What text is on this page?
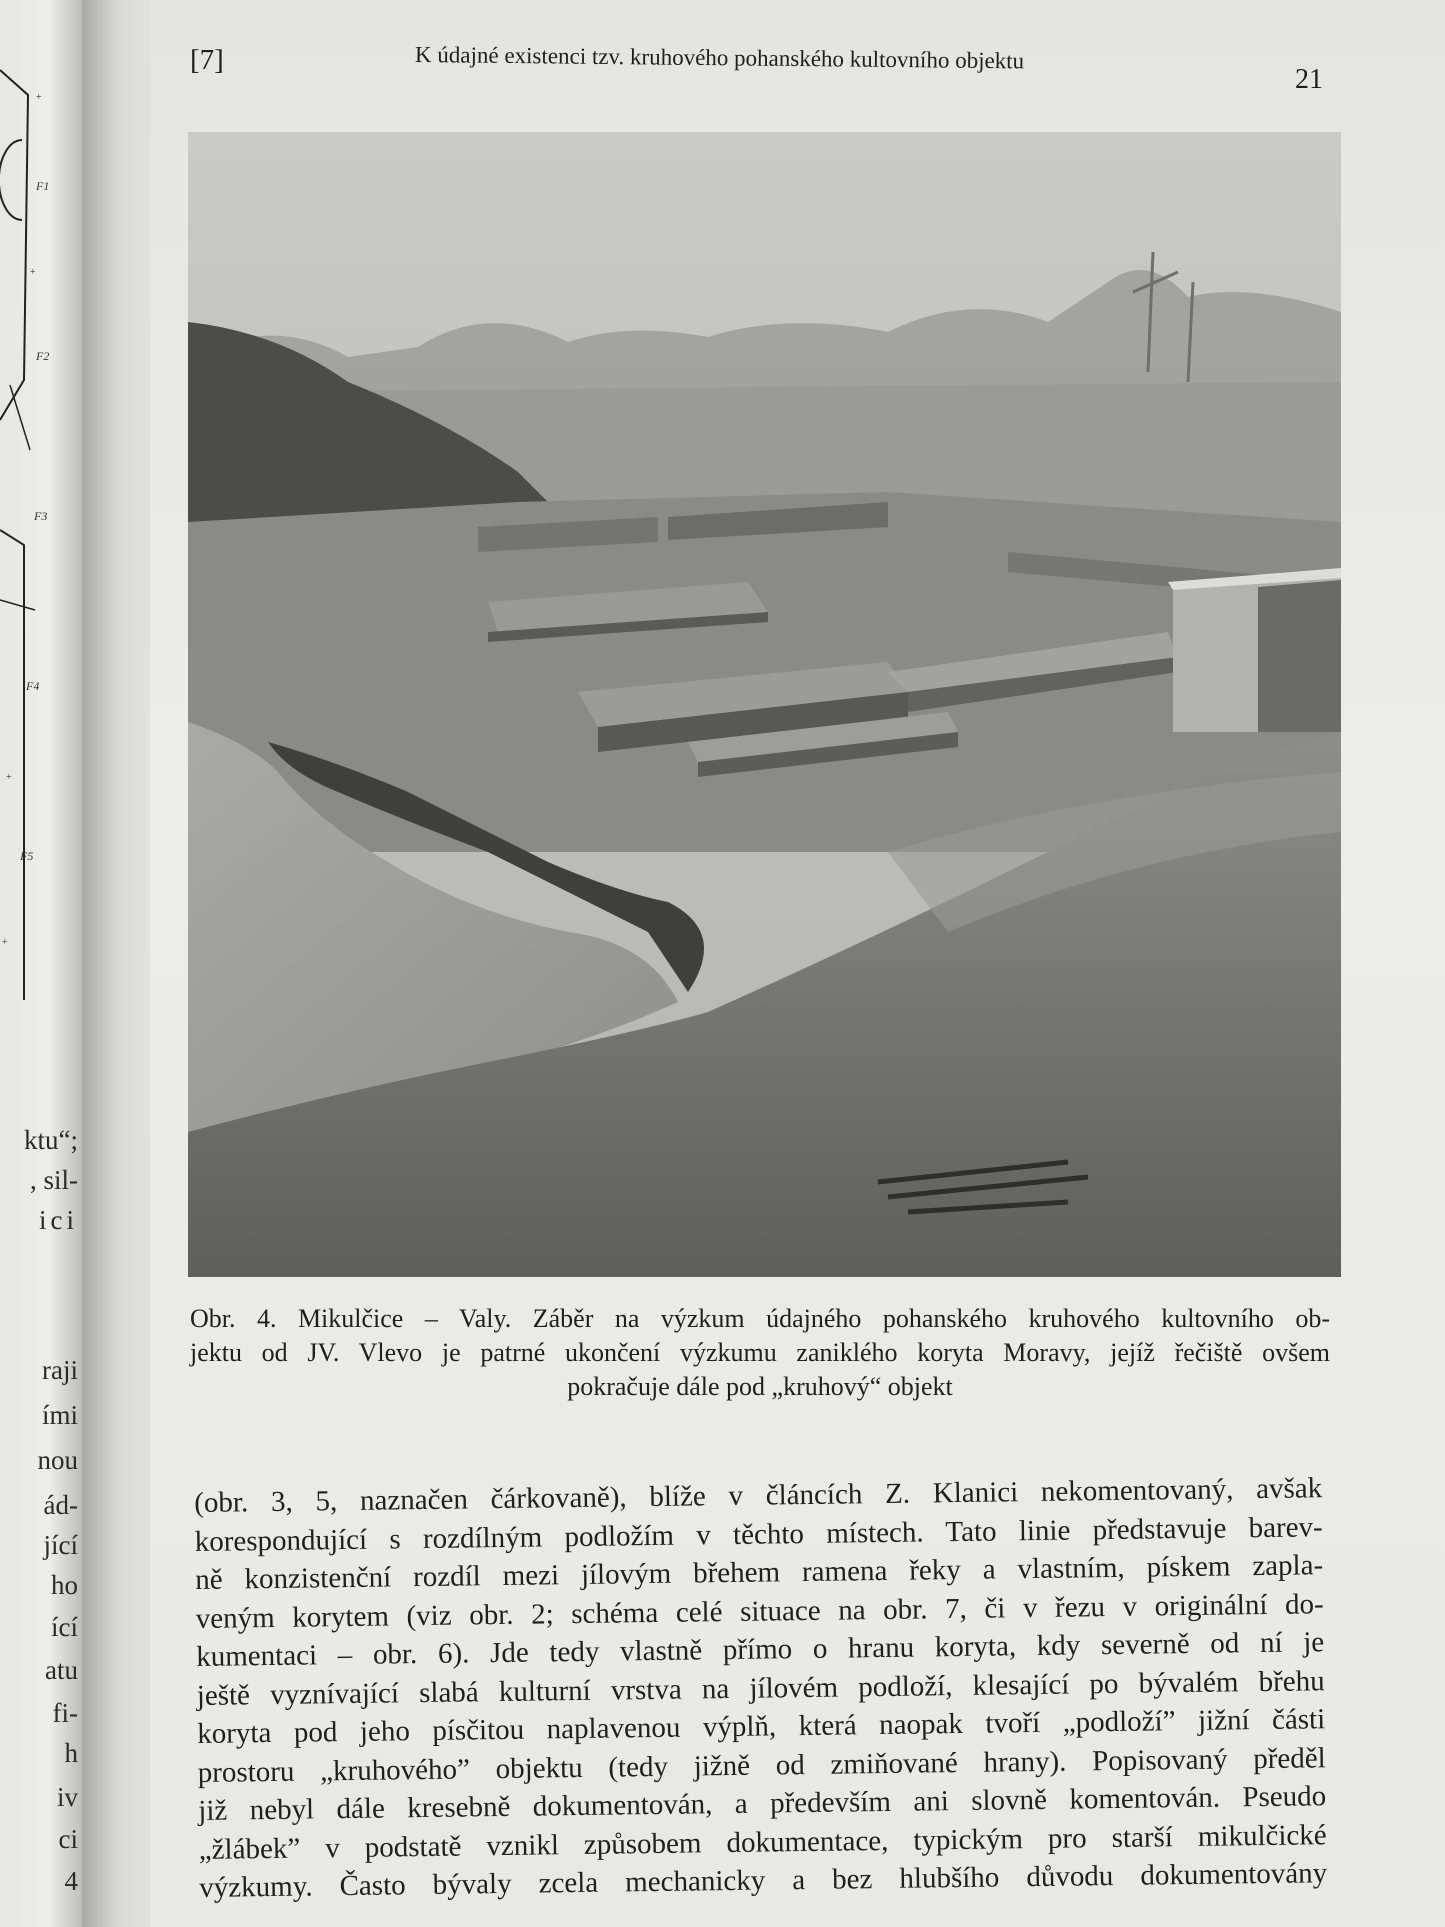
F1
F2
F3
F4
F5
+
+
+
+
ktu“;
, sil-
ici
raji
ími
nou
ád-
jící
ho
ící
atu
fi-
h
iv
ci
4
[7]	K údajné existenci tzv. kruhového pohanského kultovního objektu
21
Obr. 4. Mikulčice – Valy. Záběr na výzkum údajného pohanského kruhového kultovního ob-
jektu od JV. Vlevo je patrné ukončení výzkumu zaniklého koryta Moravy, jejíž řečiště ovšem
pokračuje dále pod „kruhový“ objekt
(obr. 3, 5, naznačen čárkovaně), blíže v článcích Z. Klanici nekomentovaný, avšak
korespondující s rozdílným podložím v těchto místech. Tato linie představuje barev-
ně konzistenční rozdíl mezi jílovým břehem ramena řeky a vlastním, pískem zapla-
veným korytem (viz obr. 2; schéma celé situace na obr. 7, či v řezu v originální do-
kumentaci – obr. 6). Jde tedy vlastně přímo o hranu koryta, kdy severně od ní je
ještě vyznívající slabá kulturní vrstva na jílovém podloží, klesající po bývalém břehu
koryta pod jeho písčitou naplavenou výplň, která naopak tvoří „podloží” jižní části
prostoru „kruhového” objektu (tedy jižně od zmiňované hrany). Popisovaný předěl
již nebyl dále kresebně dokumentován, a především ani slovně komentován. Pseudo
„žlábek” v podstatě vznikl způsobem dokumentace, typickým pro starší mikulčické
výzkumy. Často bývaly zcela mechanicky a bez hlubšího důvodu dokumentovány
